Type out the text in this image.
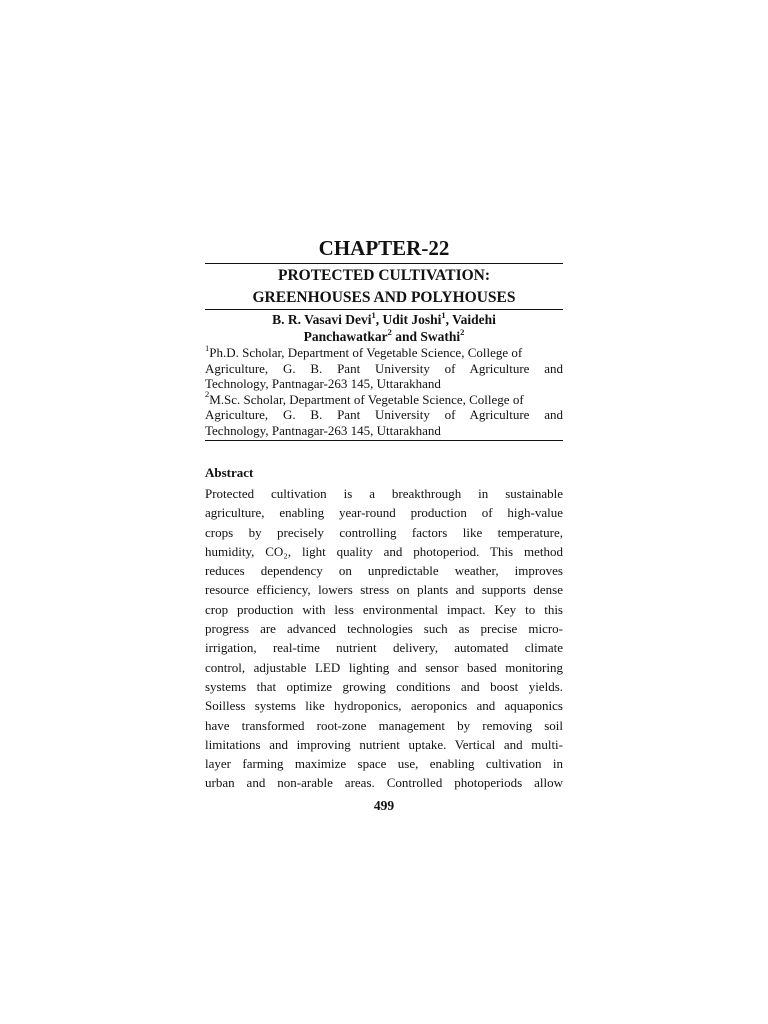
CHAPTER-22
PROTECTED CULTIVATION:
GREENHOUSES AND POLYHOUSES
B. R. Vasavi Devi$^1$, Udit Joshi$^1$, Vaidehi
Panchawatkar$^2$ and Swathi$^2$
$^1$Ph.D. Scholar, Department of Vegetable Science, College of
Agriculture, G. B. Pant University of Agriculture and
Technology, Pantnagar-263 145, Uttarakhand
$^2$M.Sc. Scholar, Department of Vegetable Science, College of
Agriculture, G. B. Pant University of Agriculture and
Technology, Pantnagar-263 145, Uttarakhand
Abstract
Protected cultivation is a breakthrough in sustainable
agriculture, enabling year-round production of high-value
crops by precisely controlling factors like temperature,
humidity, CO₂, light quality and photoperiod. This method
reduces dependency on unpredictable weather, improves
resource efficiency, lowers stress on plants and supports dense
crop production with less environmental impact. Key to this
progress are advanced technologies such as precise micro-
irrigation, real-time nutrient delivery, automated climate
control, adjustable LED lighting and sensor based monitoring
systems that optimize growing conditions and boost yields.
Soilless systems like hydroponics, aeroponics and aquaponics
have transformed root-zone management by removing soil
limitations and improving nutrient uptake. Vertical and multi-
layer farming maximize space use, enabling cultivation in
urban and non-arable areas. Controlled photoperiods allow
499
